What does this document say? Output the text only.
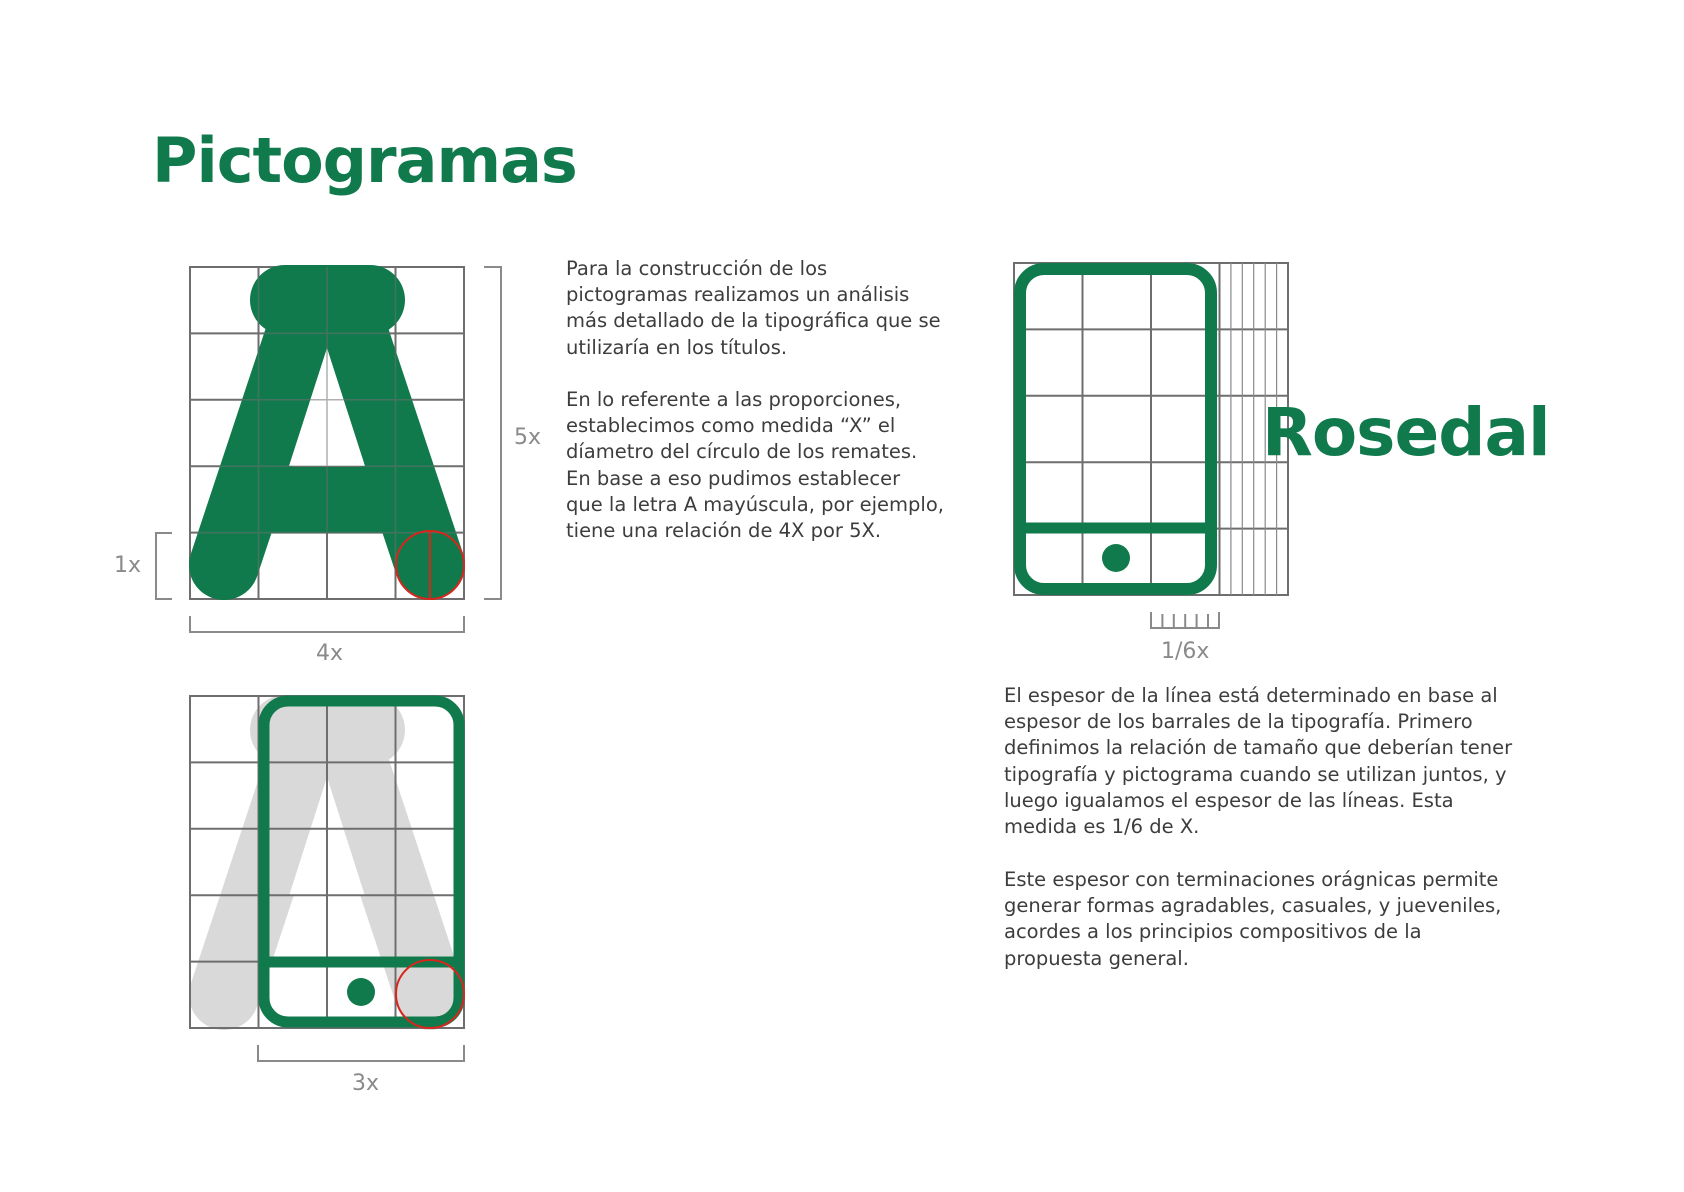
Pictogramas

Para la construcción de los
pictogramas realizamos un análisis
más detallado de la tipográfica que se
utilizaría en los títulos.

En lo referente a las proporciones,
establecimos como medida “X” el
díametro del círculo de los remates.
En base a eso pudimos establecer
que la letra A mayúscula, por ejemplo,
tiene una relación de 4X por 5X.

El espesor de la línea está determinado en base al
espesor de los barrales de la tipografía. Primero
definimos la relación de tamaño que deberían tener
tipografía y pictograma cuando se utilizan juntos, y
luego igualamos el espesor de las líneas. Esta
medida es 1/6 de X.

Este espesor con terminaciones orágnicas permite
generar formas agradables, casuales, y jueveniles,
acordes a los principios compositivos de la
propuesta general.

5x
1x
4x
3x
Rosedal
1/6x
